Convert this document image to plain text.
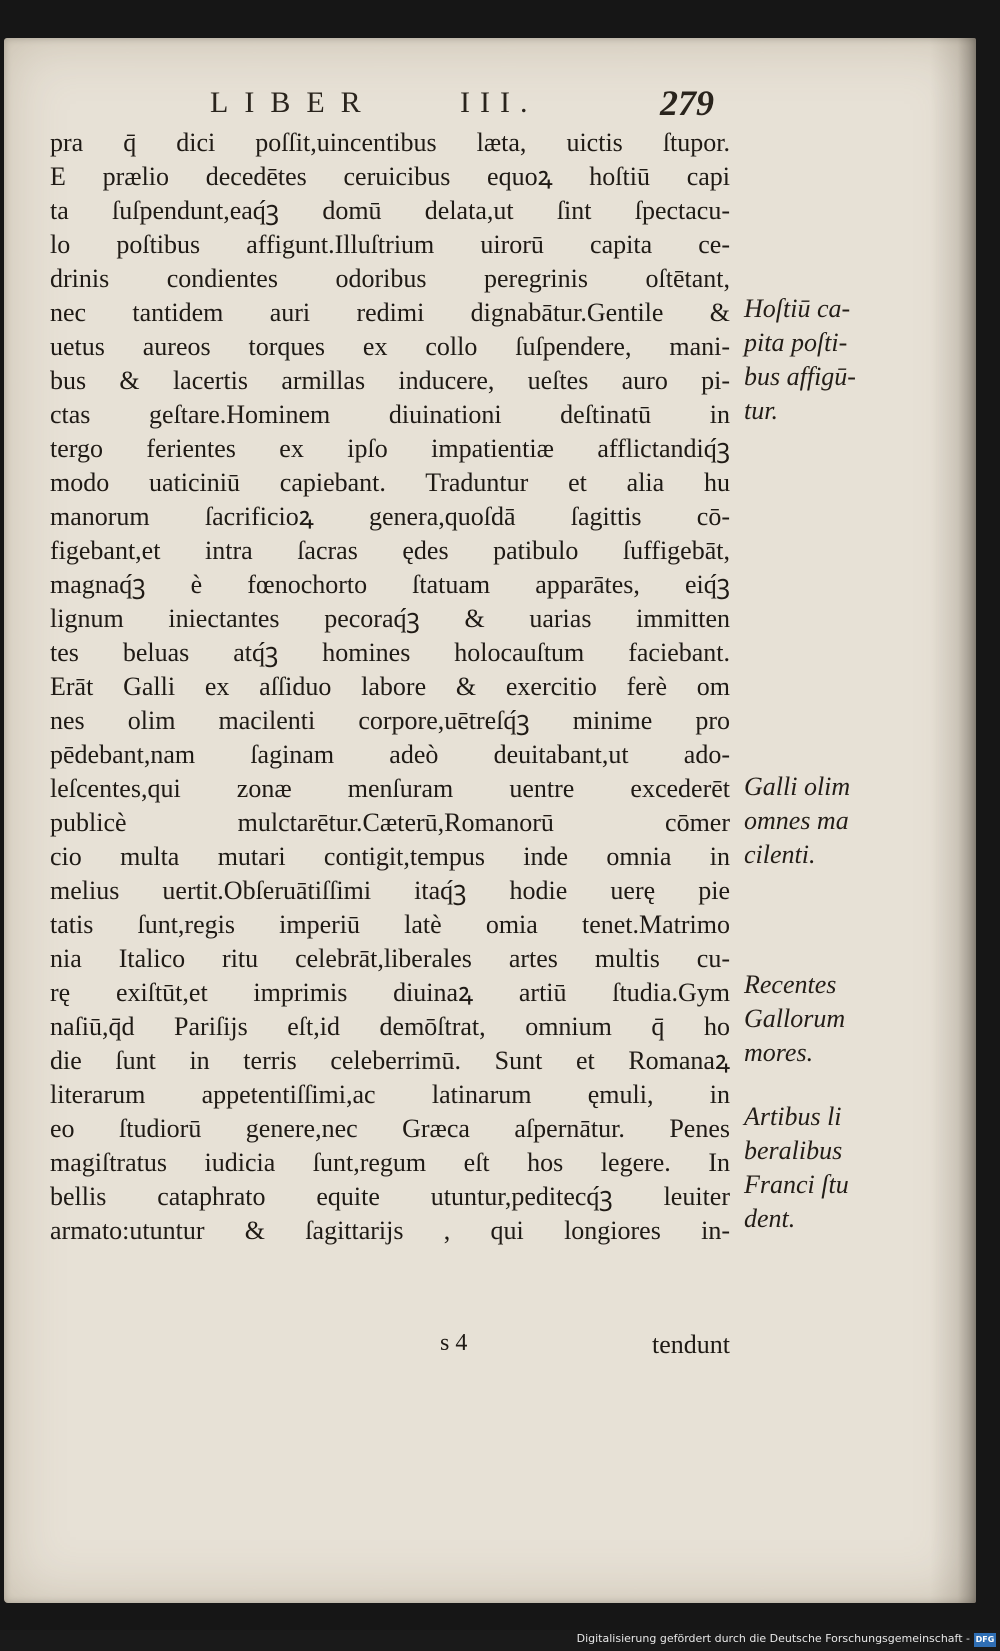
LIBER	III.	279
pra q̄ dici poſſit,uincentibus læta, uictis ſtupor.
E prælio decedētes ceruicibus equoꝝ hoſtiū capi
ta ſuſpendunt,eaq́ꝫ domū delata,ut ſint ſpectacu-
lo poſtibus affigunt.Illuſtrium uirorū capita ce-
drinis condientes odoribus peregrinis oſtētant,
nec tantidem auri redimi dignabātur.Gentile &
uetus aureos torques ex collo ſuſpendere, mani-
bus & lacertis armillas inducere, ueſtes auro pi-
ctas geſtare.Hominem diuinationi deſtinatū in
tergo ferientes ex ipſo impatientiæ afflictandiq́ꝫ
modo uaticiniū capiebant. Traduntur et alia hu
manorum ſacrificioꝝ genera,quoſdā ſagittis cō-
figebant,et intra ſacras ędes patibulo ſuffigebāt,
magnaq́ꝫ è fœnochorto ſtatuam apparātes, eiq́ꝫ
lignum iniectantes pecoraq́ꝫ & uarias immitten
tes beluas atq́ꝫ homines holocauſtum faciebant.
Erāt Galli ex aſſiduo labore & exercitio ferè om
nes olim macilenti corpore,uētreſq́ꝫ minime pro
pēdebant,nam ſaginam adeò deuitabant,ut ado-
leſcentes,qui zonæ menſuram uentre excederēt
publicè mulctarētur.Cæterū,Romanorū cōmer
cio multa mutari contigit,tempus inde omnia in
melius uertit.Obſeruātiſſimi itaq́ꝫ hodie uerę pie
tatis ſunt,regis imperiū latè omia tenet.Matrimo
nia Italico ritu celebrāt,liberales artes multis cu-
rę exiſtūt,et imprimis diuinaꝝ artiū ſtudia.Gym
naſiū,q̄d Pariſijs eſt,id demōſtrat, omnium q̄ ho
die ſunt in terris celeberrimū. Sunt et Romanaꝝ
literarum appetentiſſimi,ac latinarum ęmuli, in
eo ſtudiorū genere,nec Græca aſpernātur. Penes
magiſtratus iudicia ſunt,regum eſt hos legere. In
bellis cataphrato equite utuntur,peditecq́ꝫ leuiter
armato:utuntur & ſagittarijs , qui longiores in-
Hoſtiū ca-
pita poſti-
bus affigū-
tur.
Galli olim
omnes ma
cilenti.
Recentes
Gallorum
mores.
Artibus li
beralibus
Franci ſtu
dent.
s 4	tendunt
Digitalisierung gefördert durch die Deutsche Forschungsgemeinschaft - DFG
